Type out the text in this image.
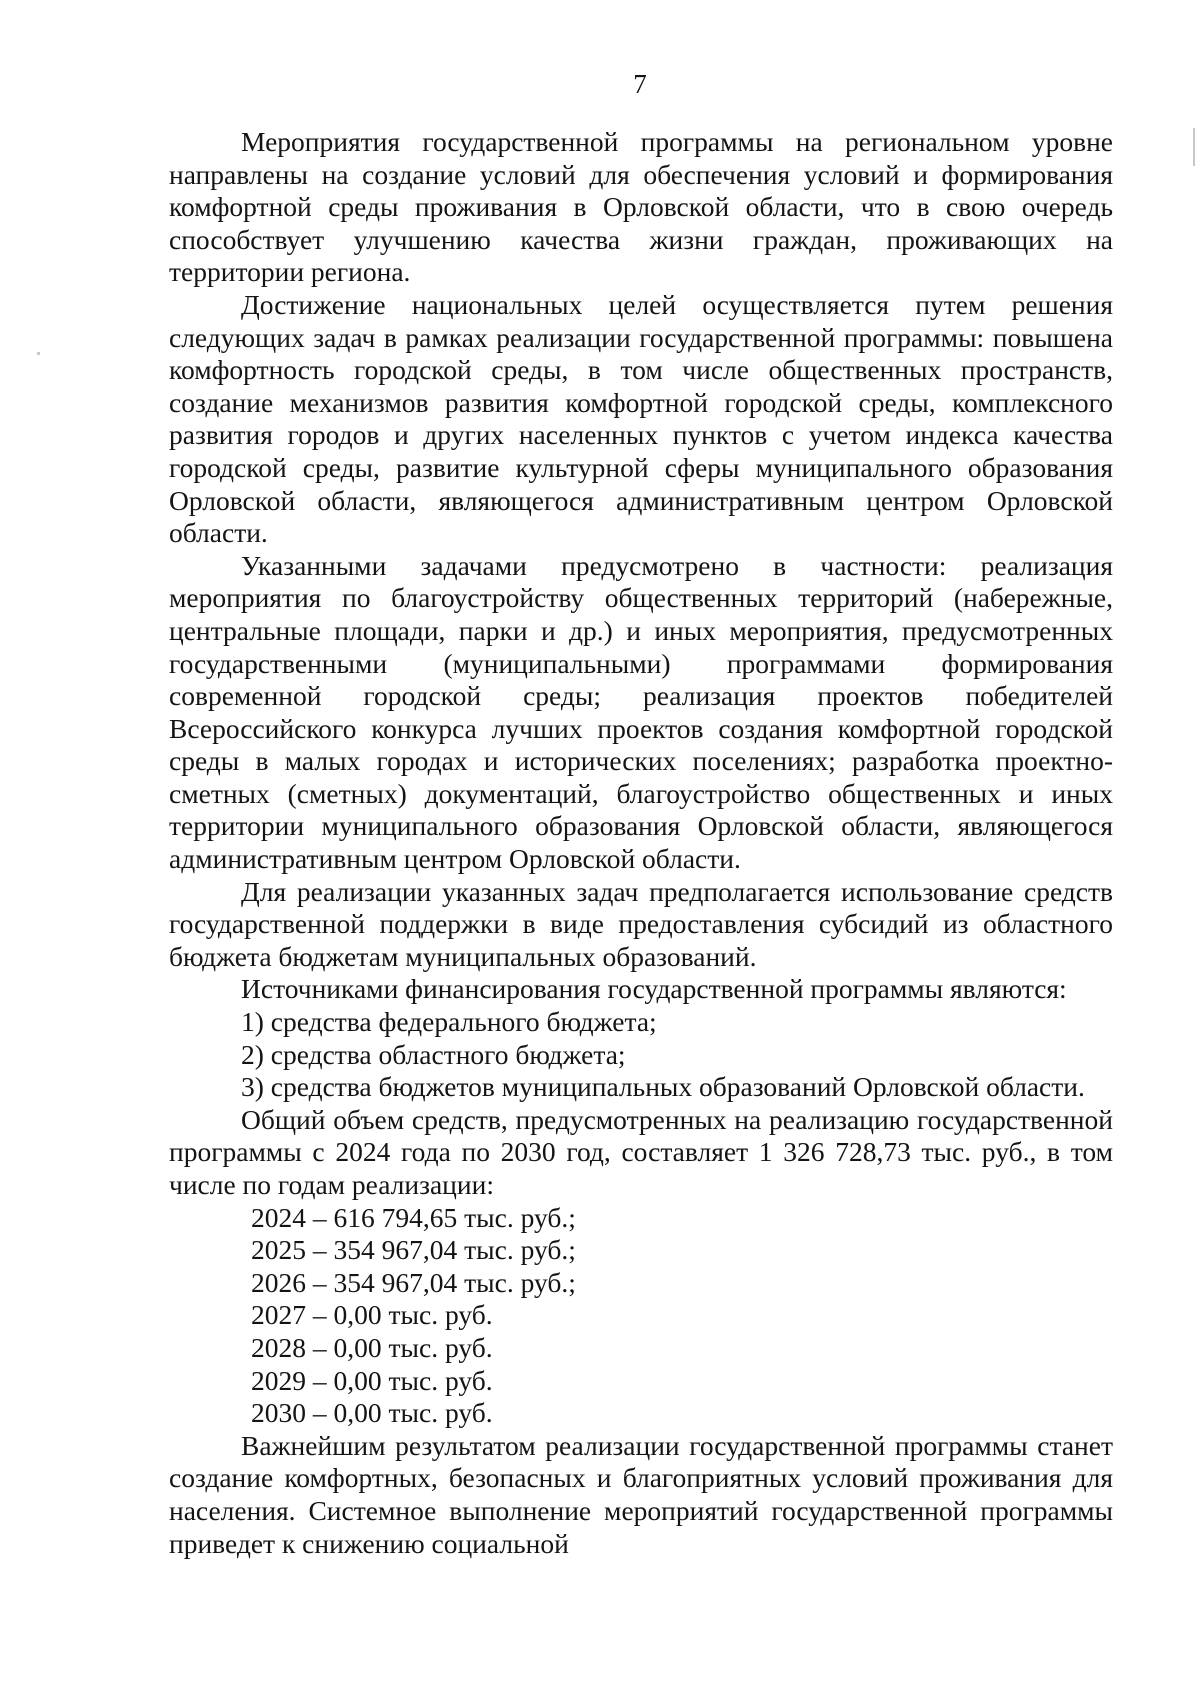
7

Мероприятия государственной программы на региональном уровне направлены на создание условий для обеспечения условий и формирования комфортной среды проживания в Орловской области, что в свою очередь способствует улучшению качества жизни граждан, проживающих на территории региона.

Достижение национальных целей осуществляется путем решения следующих задач в рамках реализации государственной программы: повышена комфортность городской среды, в том числе общественных пространств, создание механизмов развития комфортной городской среды, комплексного развития городов и других населенных пунктов с учетом индекса качества городской среды, развитие культурной сферы муниципального образования Орловской области, являющегося административным центром Орловской области.

Указанными задачами предусмотрено в частности: реализация мероприятия по благоустройству общественных территорий (набережные, центральные площади, парки и др.) и иных мероприятия, предусмотренных государственными (муниципальными) программами формирования современной городской среды; реализация проектов победителей Всероссийского конкурса лучших проектов создания комфортной городской среды в малых городах и исторических поселениях; разработка проектно-сметных (сметных) документаций, благоустройство общественных и иных территории муниципального образования Орловской области, являющегося административным центром Орловской области.

Для реализации указанных задач предполагается использование средств государственной поддержки в виде предоставления субсидий из областного бюджета бюджетам муниципальных образований.

Источниками финансирования государственной программы являются:

1) средства федерального бюджета;

2) средства областного бюджета;

3) средства бюджетов муниципальных образований Орловской области.

Общий объем средств, предусмотренных на реализацию государственной программы с 2024 года по 2030 год, составляет 1 326 728,73 тыс. руб., в том числе по годам реализации:

2024 – 616 794,65 тыс. руб.;
2025 – 354 967,04 тыс. руб.;
2026 – 354 967,04 тыс. руб.;
2027 – 0,00 тыс. руб.
2028 – 0,00 тыс. руб.
2029 – 0,00 тыс. руб.
2030 – 0,00 тыс. руб.

Важнейшим результатом реализации государственной программы станет создание комфортных, безопасных и благоприятных условий проживания для населения. Системное выполнение мероприятий государственной программы приведет к снижению социальной
